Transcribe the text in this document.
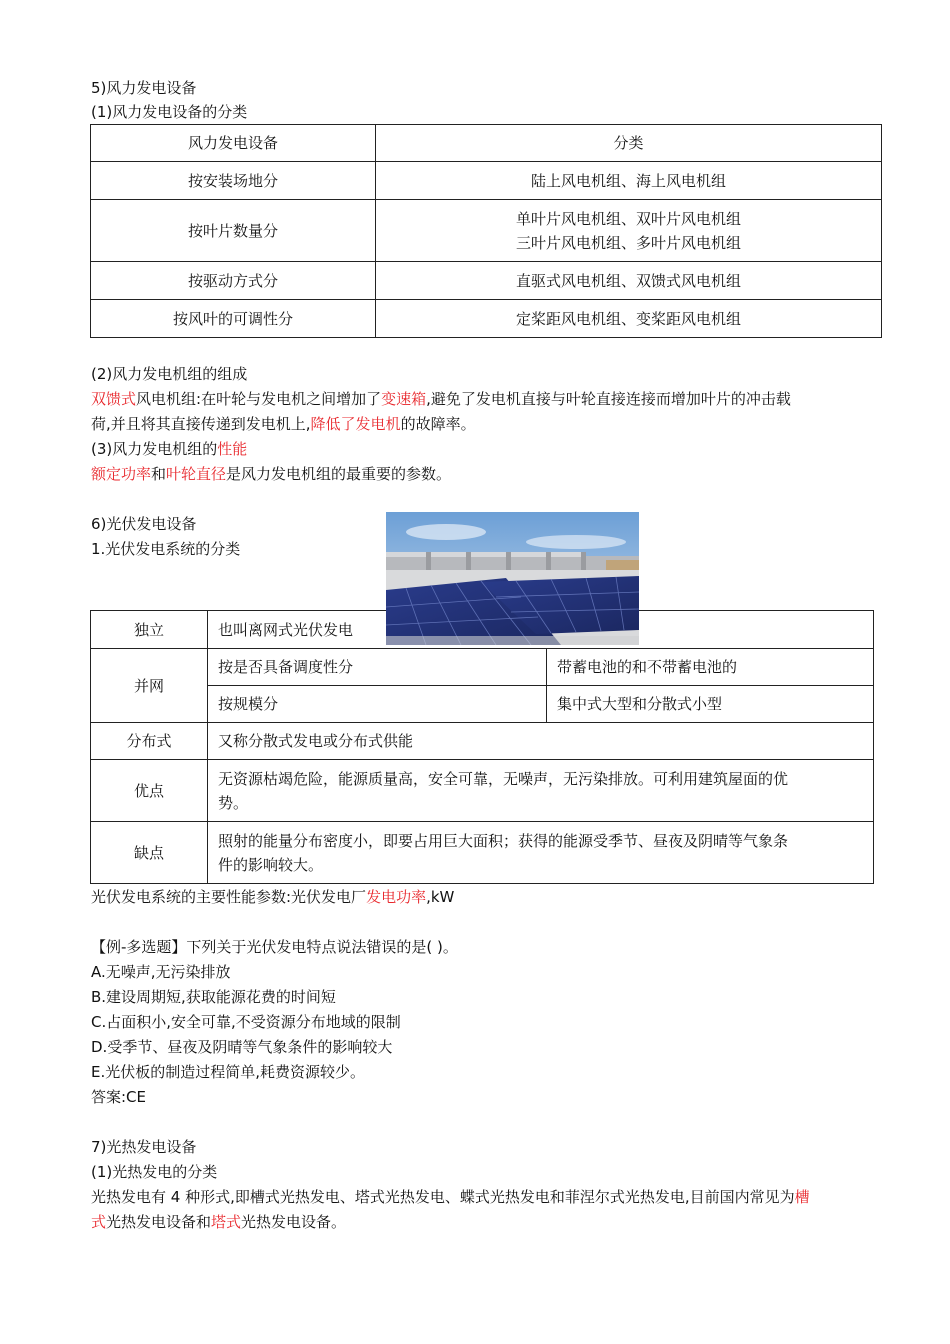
5)风力发电设备
(1)风力发电设备的分类
风力发电设备	分类
按安装场地分	陆上风电机组、海上风电机组
按叶片数量分	单叶片风电机组、双叶片风电机组
三叶片风电机组、多叶片风电机组

按驱动方式分	直驱式风电机组、双馈式风电机组
按风叶的可调性分	定桨距风电机组、变桨距风电机组
(2)风力发电机组的组成
双馈式风电机组:在叶轮与发电机之间增加了变速箱,避免了发电机直接与叶轮直接连接而增加叶片的冲击载
荷,并且将其直接传递到发电机上,降低了发电机的故障率。
(3)风力发电机组的性能
额定功率和叶轮直径是风力发电机组的最重要的参数。
6)光伏发电设备
1.光伏发电系统的分类
独立	也叫离网式光伏发电	
并网	按是否具备调度性分	带蓄电池的和不带蓄电池的
	按规模分	集中式大型和分散式小型
分布式	又称分散式发电或分布式供能	
优点	无资源枯竭危险，能源质量高，安全可靠，无噪声，无污染排放。可利用建筑屋面的优
势。	

缺点	照射的能量分布密度小，即要占用巨大面积；获得的能源受季节、昼夜及阴晴等气象条
件的影响较大。	
光伏发电系统的主要性能参数:光伏发电厂发电功率,kW
【例-多选题】下列关于光伏发电特点说法错误的是( )。
A.无噪声,无污染排放
B.建设周期短,获取能源花费的时间短
C.占面积小,安全可靠,不受资源分布地域的限制
D.受季节、昼夜及阴晴等气象条件的影响较大
E.光伏板的制造过程简单,耗费资源较少。
答案:CE
7)光热发电设备
(1)光热发电的分类
光热发电有 4 种形式,即槽式光热发电、塔式光热发电、蝶式光热发电和菲涅尔式光热发电,目前国内常见为槽
式光热发电设备和塔式光热发电设备。
